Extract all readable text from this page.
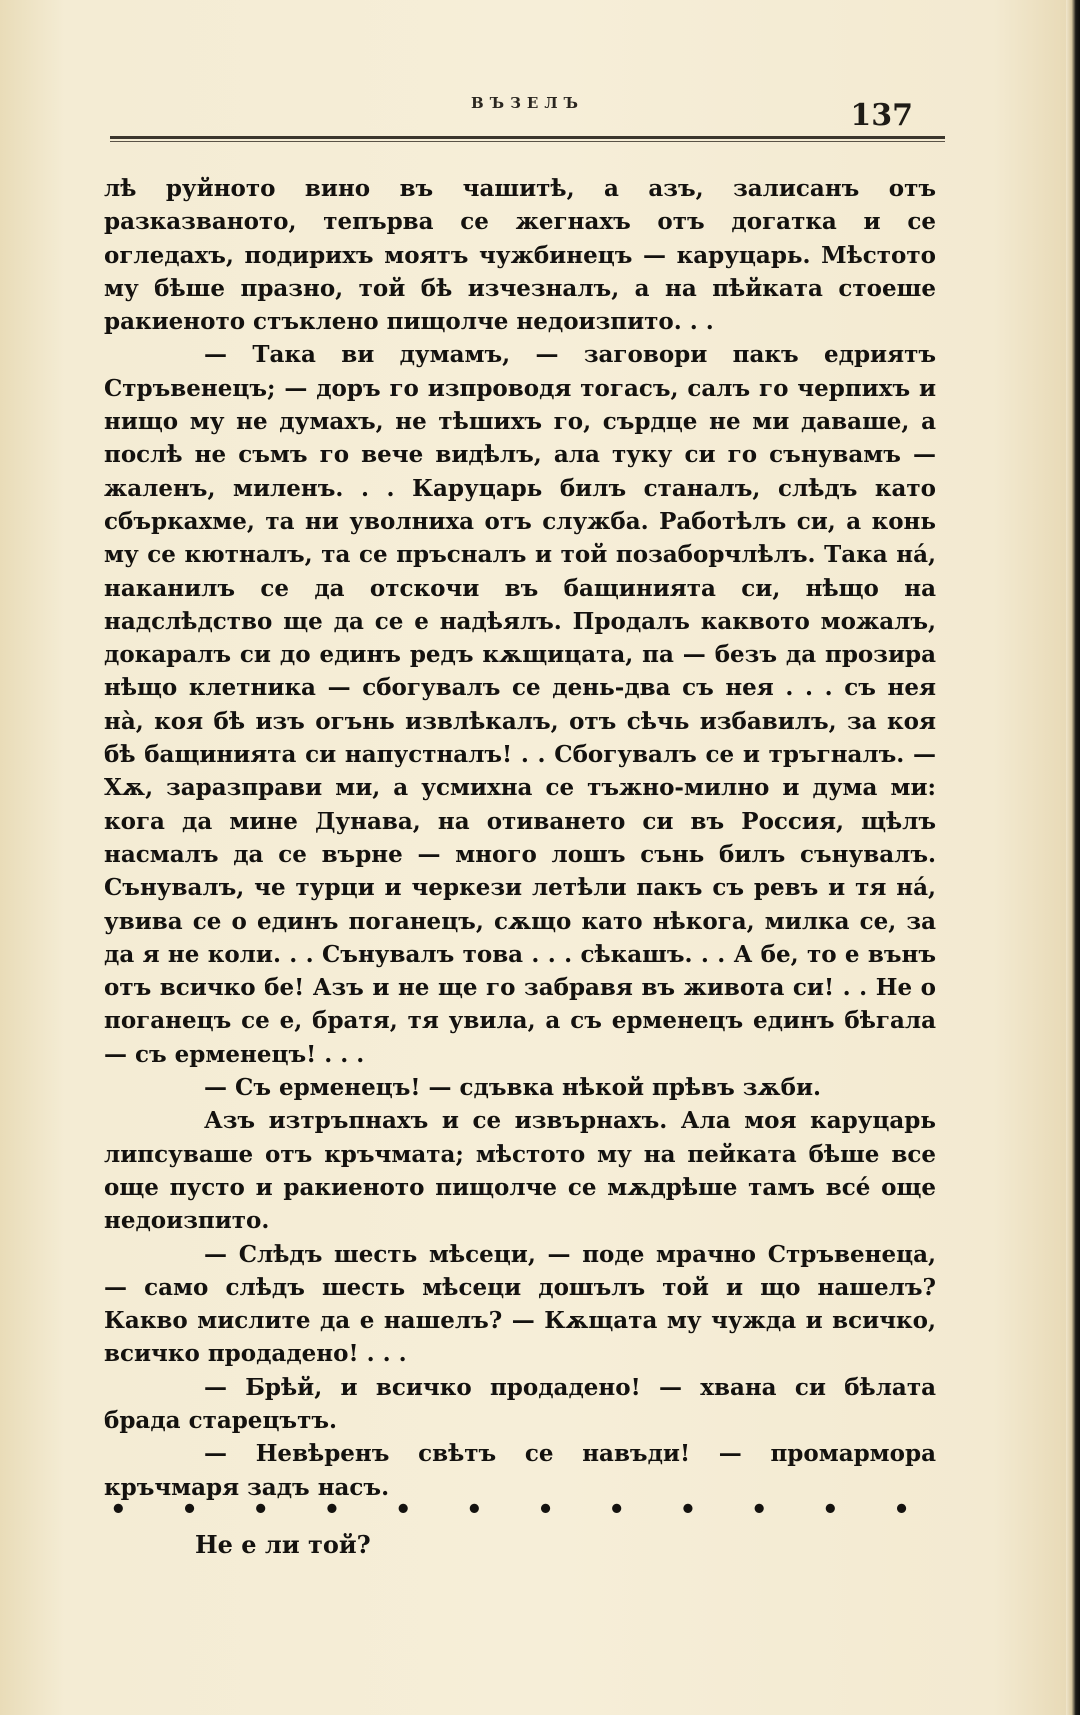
ВЪЗЕЛЪ	137

лѣ руйното вино въ чашитѣ, а азъ, залисанъ отъ разказваното, тепърва се жегнахъ отъ догатка и се огледахъ, подирихъ моятъ чужбинецъ — каруцарь. Мѣстото му бѣше празно, той бѣ изчезналъ, а на пѣйката стоеше ракиеното стъклено пищолче недоизпито. . .

— Така ви думамъ, — заговори пакъ едриятъ Стръвенецъ; — доръ го изпроводя тогасъ, салъ го черпихъ и нищо му не думахъ, не тѣшихъ го, сърдце не ми даваше, а послѣ не съмъ го вече видѣлъ, ала туку си го сънувамъ — жаленъ, миленъ. . . Каруцарь билъ станалъ, слѣдъ като сбъркахме, та ни уволниха отъ служба. Работѣлъ си, а конь му се кютналъ, та се пръсналъ и той позаборчлѣлъ. Така на́, наканилъ се да отскочи въ бащинията си, нѣщо на надслѣдство ще да се е надѣялъ. Продалъ каквото можалъ, докаралъ си до единъ редъ кѫщицата, па — безъ да прозира нѣщо клетника — сбогувалъ се день-два съ нея . . . съ нея на̀, коя бѣ изъ огънь извлѣкалъ, отъ сѣчь избавилъ, за коя бѣ бащинията си напустналъ! . . Сбогувалъ се и тръгналъ. — Хѫ, заразправи ми, а усмихна се тъжно-милно и дума ми: кога да мине Дунава, на отиването си въ Россия, щѣлъ насмалъ да се върне — много лошъ сънь билъ сънувалъ. Сънувалъ, че турци и черкези летѣли пакъ съ ревъ и тя на́, увива се о единъ поганецъ, сѫщо като нѣкога, милка се, за да я не коли. . . Сънувалъ това . . . сѣкашъ. . . А бе, то е вънъ отъ всичко бе! Азъ и не ще го забравя въ живота си! . . Не о поганецъ се е, братя, тя увила, а съ ерменецъ единъ бѣгала — съ ерменецъ! . . .

— Съ ерменецъ! — сдъвка нѣкой прѣвъ зѫби.

Азъ изтръпнахъ и се извърнахъ. Ала моя каруцарь липсуваше отъ кръчмата; мѣстото му на пейката бѣше все още пусто и ракиеното пищолче се мѫдрѣше тамъ все́ още недоизпито.

— Слѣдъ шесть мѣсеци, — поде мрачно Стръвенеца, — само слѣдъ шесть мѣсеци дошълъ той и що нашелъ? Какво мислите да е нашелъ? — Кѫщата му чужда и всичко, всичко продадено! . . .

— Брѣй, и всичко продадено! — хвана си бѣлата брада старецътъ.

— Невѣренъ свѣтъ се навъди! — промармора кръчмаря задъ насъ.

• • • • • • • • • • • •
Не е ли той?
